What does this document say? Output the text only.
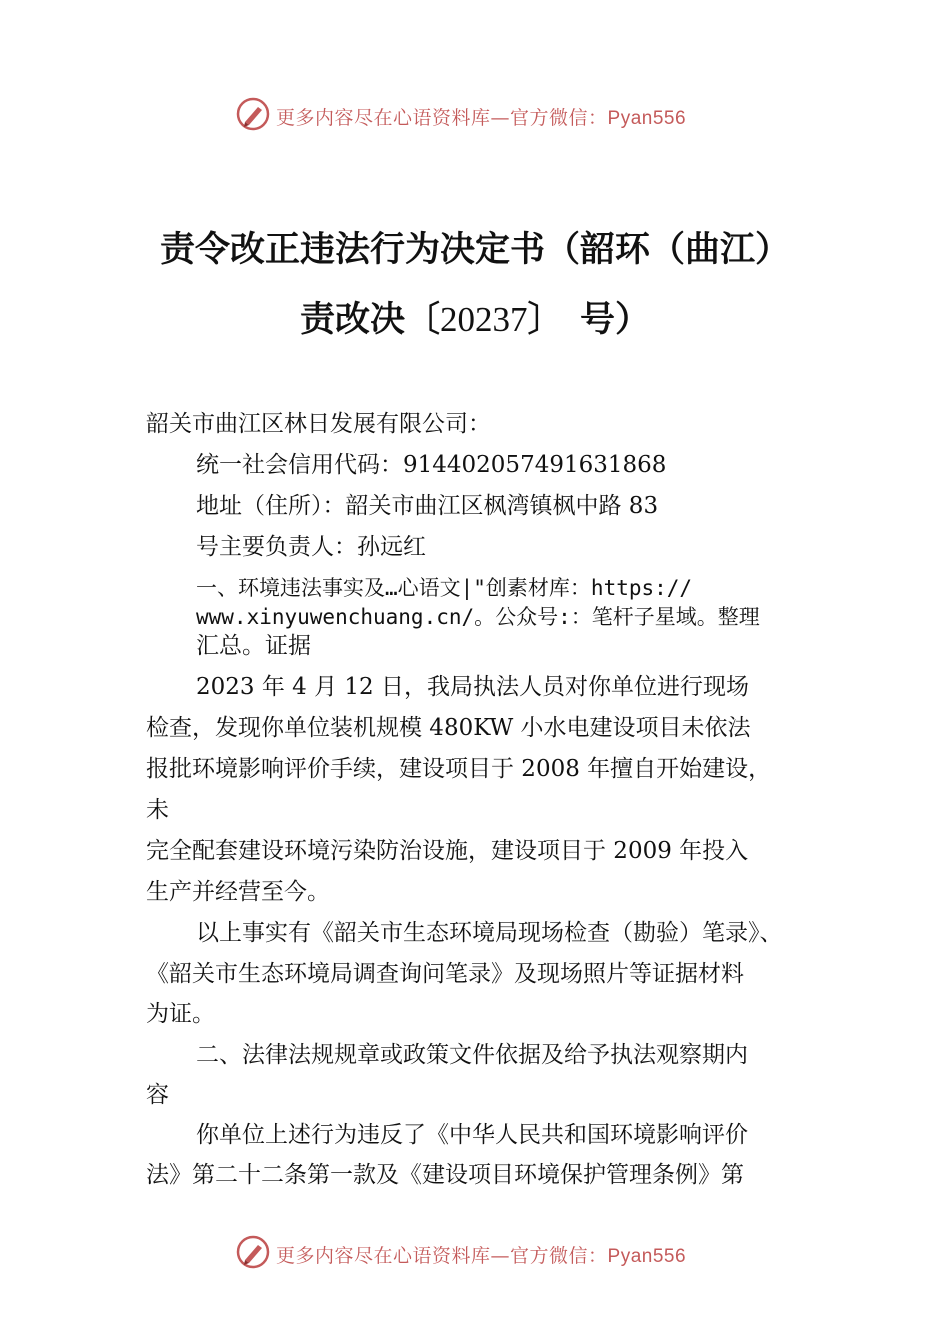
更多内容尽在心语资料库—官方微信：Pyan556
责令改正违法行为决定书（韶环（曲江）
责改决〔20237〕　号）
韶关市曲江区林日发展有限公司：
统一社会信用代码：914402057491631868
地址（住所）：韶关市曲江区枫湾镇枫中路 83
号主要负责人：孙远红
一、环境违法事实及…心语文|"创素材库：https://
www.xinyuwenchuang.cn/。公众号:：笔杆子星域。整理
汇总。证据
2023 年 4 月 12 日，我局执法人员对你单位进行现场
检查，发现你单位装机规模 480KW 小水电建设项目未依法
报批环境影响评价手续，建设项目于 2008 年擅自开始建设，
未
完全配套建设环境污染防治设施，建设项目于 2009 年投入
生产并经营至今。
以上事实有《韶关市生态环境局现场检查（勘验）笔录》、
《韶关市生态环境局调查询问笔录》及现场照片等证据材料
为证。
二、法律法规规章或政策文件依据及给予执法观察期内
容
你单位上述行为违反了《中华人民共和国环境影响评价
法》第二十二条第一款及《建设项目环境保护管理条例》第
更多内容尽在心语资料库—官方微信：Pyan556
